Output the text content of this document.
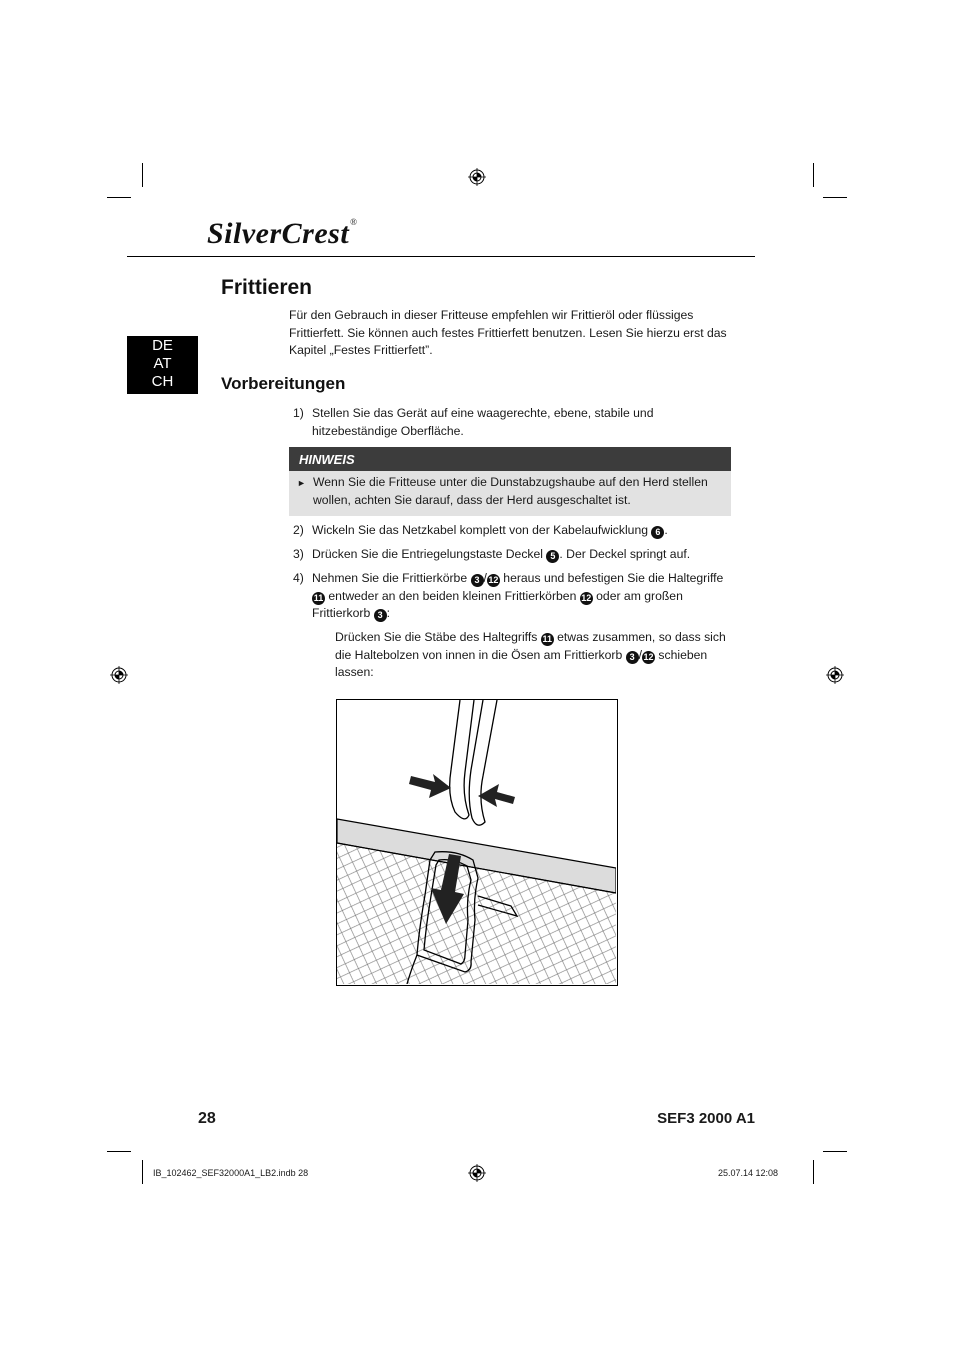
SilverCrest®
DE
AT
CH
Frittieren
Für den Gebrauch in dieser Fritteuse empfehlen wir Frittieröl oder flüssiges Frittierfett. Sie können auch festes Frittierfett benutzen. Lesen Sie hierzu erst das Kapitel „Festes Frittierfett”.
Vorbereitungen
1) Stellen Sie das Gerät auf eine waagerechte, ebene, stabile und hitzebeständige Oberfläche.
HINWEIS
► Wenn Sie die Fritteuse unter die Dunstabzugshaube auf den Herd stellen wollen, achten Sie darauf, dass der Herd ausgeschaltet ist.
2) Wickeln Sie das Netzkabel komplett von der Kabelaufwicklung 6 .
3) Drücken Sie die Entriegelungstaste Deckel 5 . Der Deckel springt auf.
4) Nehmen Sie die Frittierkörbe 3 /12 heraus und befestigen Sie die Haltegriffe 11 entweder an den beiden kleinen Frittierkörben 12 oder am großen Frittierkorb 3 :
Drücken Sie die Stäbe des Haltegriffs 11 etwas zusammen, so dass sich die Haltebolzen von innen in die Ösen am Frittierkorb 3 /12 schieben lassen:
28	SEF3 2000 A1
IB_102462_SEF32000A1_LB2.indb 28	25.07.14 12:08
